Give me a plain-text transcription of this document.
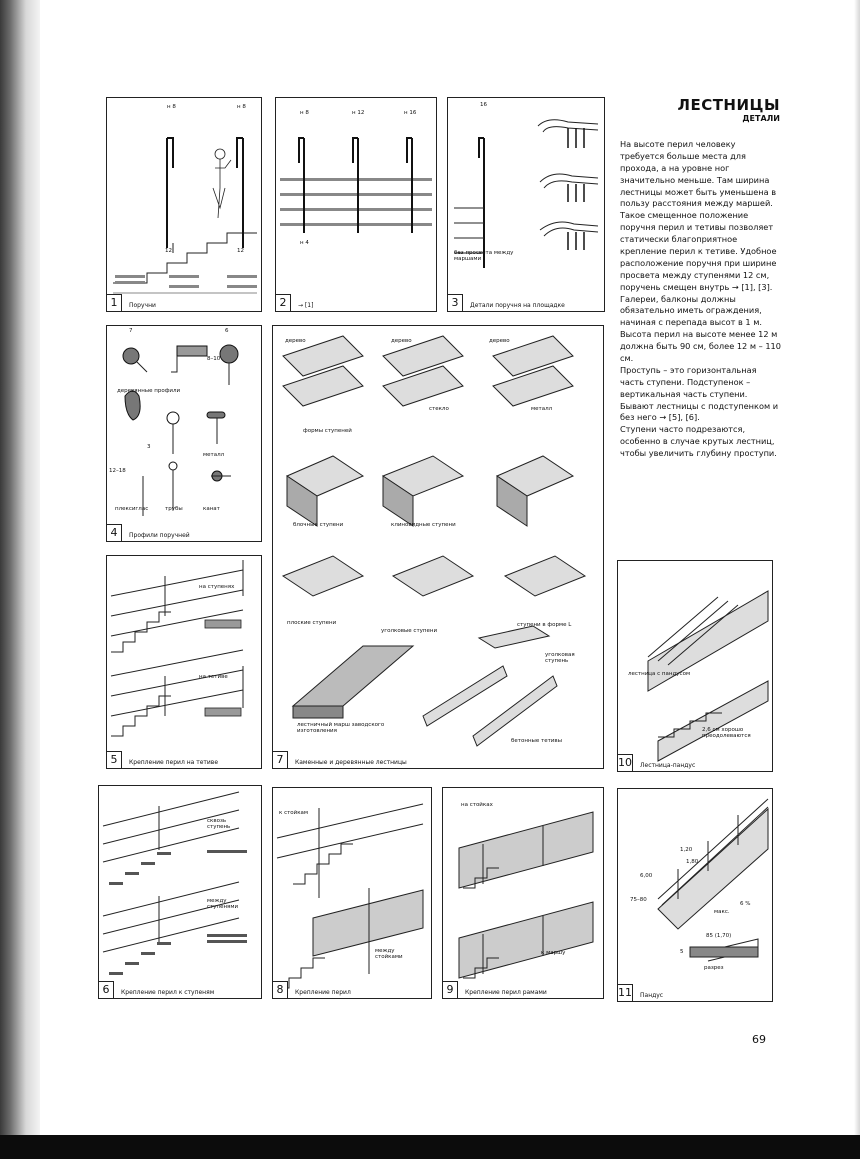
ЛЕСТНИЦЫ
ДЕТАЛИ

На высоте перил человеку требуется больше места для прохода, а на уровне ног значительно меньше. Там ширина лестницы может быть уменьшена в пользу расстояния между маршей. Такое смещенное положение поручня перил и тетивы позволяет статически благоприятное крепление перил к тетиве. Удобное расположение поручня при ширине просвета между ступенями 12 см, поручень смещен внутрь → [1], [3].

Галереи, балконы должны обязательно иметь ограждения, начиная с перепада высот в 1 м.

Высота перил на высоте менее 12 м должна быть 90 см, более 12 м – 110 см.

Проступь – это горизонтальная часть ступени. Подступенок – вертикальная часть ступени. Бывают лестницы с подступенком и без него → [5], [6].

Ступени часто подрезаются, особенно в случае крутых лестниц, чтобы увеличить глубину проступи.

н 8	н 8
12	12
1	Поручни
н 8	н 12	н 16
н 4
2	→ [1]
16
без просвета между маршами
3	Детали поручня на площадке
7	6
8–10
деревянные профили
3
металл
12–18
плексиглас	трубы	канат
4	Профили поручней
на ступенях
на тетиве
5	Крепление перил на тетиве
сквозь ступень
между ступенями
6	Крепление перил к ступеням
дерево	дерево	дерево
стекло	металл
формы ступеней
блочные ступени	клиновидные ступени
плоские ступени
уголковые ступени
ступени в форме L
уголковая ступень
лестничный марш заводского изготовления
бетонные тетивы
7	Каменные и деревянные лестницы
к стойкам
между стойками
8	Крепление перил
на стойках
к маршу
9	Крепление перил рамами
лестница с пандусом
2,6 см хорошо преодолеваются
10 Лестница-пандус
6,00
1,20
1,80
75–80
6 %
макс.
85 (1,70)
5
разрез
11 Пандус
69
